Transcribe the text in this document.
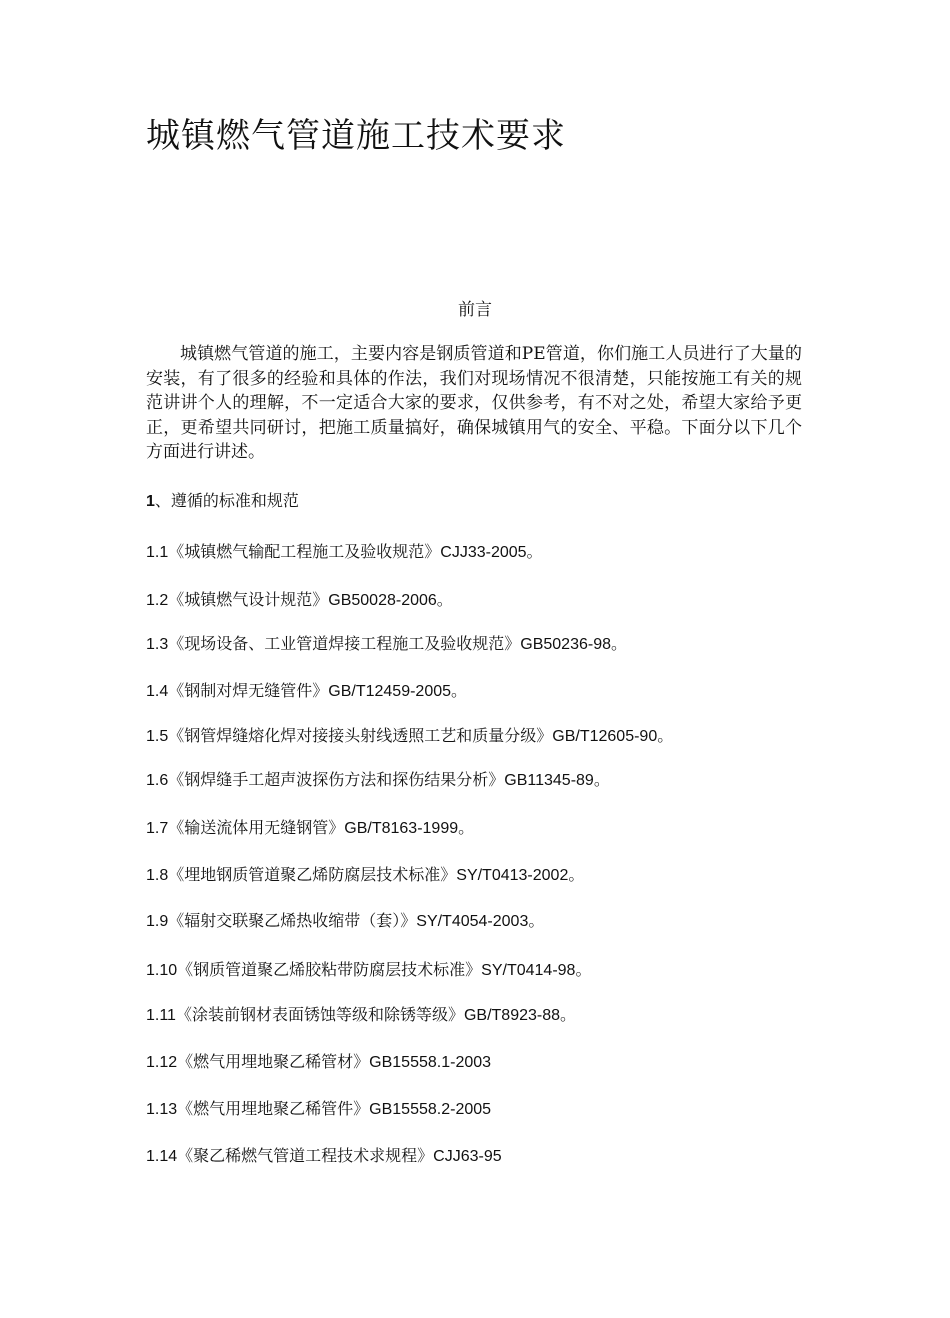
城镇燃气管道施工技术要求
前言

城镇燃气管道的施工，主要内容是钢质管道和PE管道，你们施工人员进行了大量的安装，有了很多的经验和具体的作法，我们对现场情况不很清楚，只能按施工有关的规范讲讲个人的理解，不一定适合大家的要求，仅供参考，有不对之处，希望大家给予更正，更希望共同研讨，把施工质量搞好，确保城镇用气的安全、平稳。下面分以下几个方面进行讲述。

1、遵循的标准和规范
1.1《城镇燃气输配工程施工及验收规范》CJJ33-2005。
1.2《城镇燃气设计规范》GB50028-2006。
1.3《现场设备、工业管道焊接工程施工及验收规范》GB50236-98。
1.4《钢制对焊无缝管件》GB/T12459-2005。
1.5《钢管焊缝熔化焊对接接头射线透照工艺和质量分级》GB/T12605-90。
1.6《钢焊缝手工超声波探伤方法和探伤结果分析》GB11345-89。
1.7《输送流体用无缝钢管》GB/T8163-1999。
1.8《埋地钢质管道聚乙烯防腐层技术标准》SY/T0413-2002。
1.9《辐射交联聚乙烯热收缩带（套）》SY/T4054-2003。
1.10《钢质管道聚乙烯胶粘带防腐层技术标准》SY/T0414-98。
1.11《涂装前钢材表面锈蚀等级和除锈等级》GB/T8923-88。
1.12《燃气用埋地聚乙稀管材》GB15558.1-2003
1.13《燃气用埋地聚乙稀管件》GB15558.2-2005
1.14《聚乙稀燃气管道工程技术求规程》CJJ63-95
